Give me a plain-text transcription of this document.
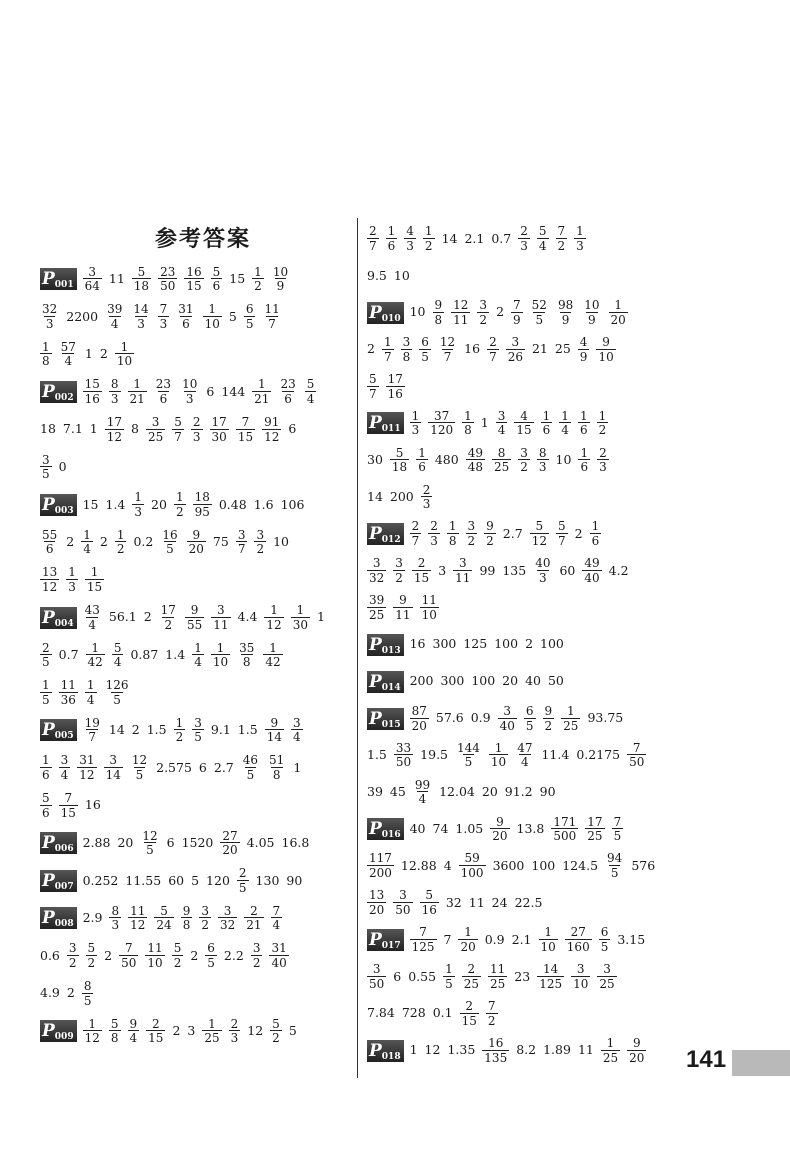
参考答案
$P001 \frac{3}{64} 11 \frac{5}{18} \frac{23}{50} \frac{16}{15} \frac{5}{6} 15 \frac{1}{2} \frac{10}{9}$
$\frac{32}{3} 2200 \frac{39}{4} \frac{14}{3} \frac{7}{3} \frac{31}{6} \frac{1}{10} 5 \frac{6}{5} \frac{11}{7}$
$\frac{1}{8} \frac{57}{4} 1$ $2 \frac{1}{10}$
$P002 \frac{15}{16} \frac{8}{3} \frac{1}{21} \frac{23}{6} \frac{10}{3} 6$ $144 \frac{1}{21} \frac{23}{6} \frac{5}{4}$
18 7.1 $1 \frac{17}{12} 8 \frac{3}{25} \frac{5}{7} \frac{2}{3} \frac{17}{30} \frac{7}{15} \frac{91}{12} 6$
$\frac{3}{5} 0$
P003 15 $1.4 \frac{1}{3} 20 \frac{1}{2} \frac{18}{95} 0.48$ 1.6 106
$\frac{55}{6} 2 \frac{1}{4} 2 \frac{1}{2} 0.2 \frac{16}{5} \frac{9}{20} 75 \frac{3}{7} \frac{3}{2} 10$
$\frac{13}{12} \frac{1}{3} \frac{1}{15}$
$P004 \frac{43}{4} 56.1$ $2 \frac{17}{2} \frac{9}{55} \frac{3}{11} 4.4 \frac{1}{12} \frac{1}{30} 1$
$\frac{2}{5} 0.7 \frac{1}{42} \frac{5}{4} 0.87$ $1.4 \frac{1}{4} \frac{1}{10} \frac{35}{8} \frac{1}{42}$
$\frac{1}{5} \frac{11}{36} \frac{1}{4} \frac{126}{5}$
$P005 \frac{19}{7} 14$ 2 $1.5 \frac{1}{2} \frac{3}{5} 9.1$ $1.5 \frac{9}{14} \frac{3}{4}$
$\frac{1}{6} \frac{3}{4} \frac{31}{12} \frac{3}{14} \frac{12}{5} 2.575$ 6 $2.7 \frac{46}{5} \frac{51}{8} 1$
$\frac{5}{6} \frac{7}{15} 16$
P006 2.88 $20 \frac{12}{5} 6$ $1520 \frac{27}{20} 4.05$ 16.8
P007 0.252 11.55 60 5 $120 \frac{2}{5} 130$ 90
P008 $2.9 \frac{8}{3} \frac{11}{12} \frac{5}{24} \frac{9}{8} \frac{3}{2} \frac{3}{32} \frac{2}{21} \frac{7}{4}$
$0.6 \frac{3}{2} \frac{5}{2} 2 \frac{7}{50} \frac{11}{10} \frac{5}{2} 2 \frac{6}{5} 2.2 \frac{3}{2} \frac{31}{40}$
4.9 $2 \frac{8}{5}$
$P009 \frac{1}{12} \frac{5}{8} \frac{9}{4} \frac{2}{15} 2$ $3 \frac{1}{25} \frac{2}{3} 12 \frac{5}{2} 5$
$\frac{2}{7} \frac{1}{6} \frac{4}{3} \frac{1}{2} 14$ 2.1 $0.7 \frac{2}{3} \frac{5}{4} \frac{7}{2} \frac{1}{3}$
9.5 10
P010 $10 \frac{9}{8} \frac{12}{11} \frac{3}{2} 2 \frac{7}{9} \frac{52}{5} \frac{98}{9} \frac{10}{9} \frac{1}{20}$
$2 \frac{1}{7} \frac{3}{8} \frac{6}{5} \frac{12}{7} 16 \frac{2}{7} \frac{3}{26} 21$ $25 \frac{4}{9} \frac{9}{10}$
$\frac{5}{7} \frac{17}{16}$
$P011 \frac{1}{3} \frac{37}{120} \frac{1}{8} 1 \frac{3}{4} \frac{4}{15} \frac{1}{6} \frac{1}{4} \frac{1}{6} \frac{1}{2}$
$30 \frac{5}{18} \frac{1}{6} 480 \frac{49}{48} \frac{8}{25} \frac{3}{2} \frac{8}{3} 10 \frac{1}{6} \frac{2}{3}$
14 $200 \frac{2}{3}$
$P012 \frac{2}{7} \frac{2}{3} \frac{1}{8} \frac{3}{2} \frac{9}{2} 2.7 \frac{5}{12} \frac{5}{7} 2 \frac{1}{6}$
$\frac{3}{32} \frac{3}{2} \frac{2}{15} 3 \frac{3}{11} 99$ $135 \frac{40}{3} 60 \frac{49}{40} 4.2$
$\frac{39}{25} \frac{9}{11} \frac{11}{10}$
P013 16 300 125 100 2 100
P014 200 300 100 20 40 50
$P015 \frac{87}{20} 57.6$ $0.9 \frac{3}{40} \frac{6}{5} \frac{9}{2} \frac{1}{25} 93.75$
$1.5 \frac{33}{50} 19.5 \frac{144}{5} \frac{1}{10} \frac{47}{4} 11.4$ $0.2175 \frac{7}{50}$
39 $45 \frac{99}{4} 12.04$ 20 91.2 90
P016 40 74 $1.05 \frac{9}{20} 13.8 \frac{171}{500} \frac{17}{25} \frac{7}{5}$
$\frac{117}{200} 12.88$ $4 \frac{59}{100} 3600$ 100 $124.5 \frac{94}{5} 576$
$\frac{13}{20} \frac{3}{50} \frac{5}{16} 32$ 11 24 22.5
$P017 \frac{7}{125} 7 \frac{1}{20} 0.9$ $2.1 \frac{1}{10} \frac{27}{160} \frac{6}{5} 3.15$
$\frac{3}{50} 6$ $0.55 \frac{1}{5} \frac{2}{25} \frac{11}{25} 23 \frac{14}{125} \frac{3}{10} \frac{3}{25}$
7.84 728 $0.1 \frac{2}{15} \frac{7}{2}$
P018 1 12 $1.35 \frac{16}{135} 8.2$ 1.89 $11 \frac{1}{25} \frac{9}{20} 141$
